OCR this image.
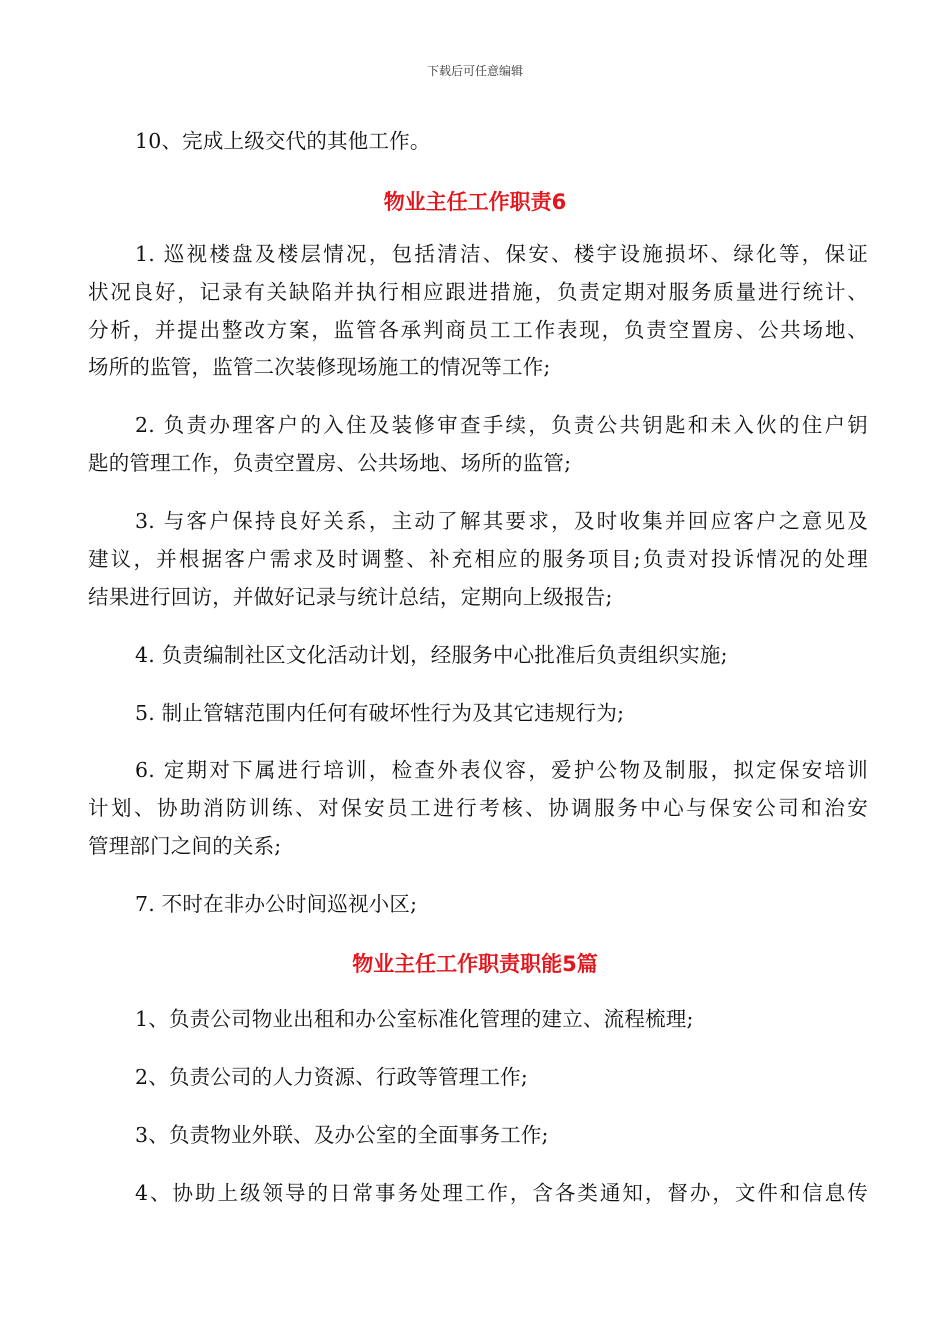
下载后可任意编辑
10、完成上级交代的其他工作。
物业主任工作职责6
1. 巡视楼盘及楼层情况，包括清洁、保安、楼宇设施损坏、绿化等，保证
状况良好，记录有关缺陷并执行相应跟进措施，负责定期对服务质量进行统计、
分析，并提出整改方案，监管各承判商员工工作表现，负责空置房、公共场地、
场所的监管，监管二次装修现场施工的情况等工作;
2. 负责办理客户的入住及装修审查手续，负责公共钥匙和未入伙的住户钥
匙的管理工作，负责空置房、公共场地、场所的监管;
3. 与客户保持良好关系，主动了解其要求，及时收集并回应客户之意见及
建议，并根据客户需求及时调整、补充相应的服务项目;负责对投诉情况的处理
结果进行回访，并做好记录与统计总结，定期向上级报告;
4. 负责编制社区文化活动计划，经服务中心批准后负责组织实施;
5. 制止管辖范围内任何有破坏性行为及其它违规行为;
6. 定期对下属进行培训，检查外表仪容，爱护公物及制服，拟定保安培训
计划、协助消防训练、对保安员工进行考核、协调服务中心与保安公司和治安
管理部门之间的关系;
7. 不时在非办公时间巡视小区;
物业主任工作职责职能5篇
1、负责公司物业出租和办公室标准化管理的建立、流程梳理;
2、负责公司的人力资源、行政等管理工作;
3、负责物业外联、及办公室的全面事务工作;
4、协助上级领导的日常事务处理工作，含各类通知，督办，文件和信息传
